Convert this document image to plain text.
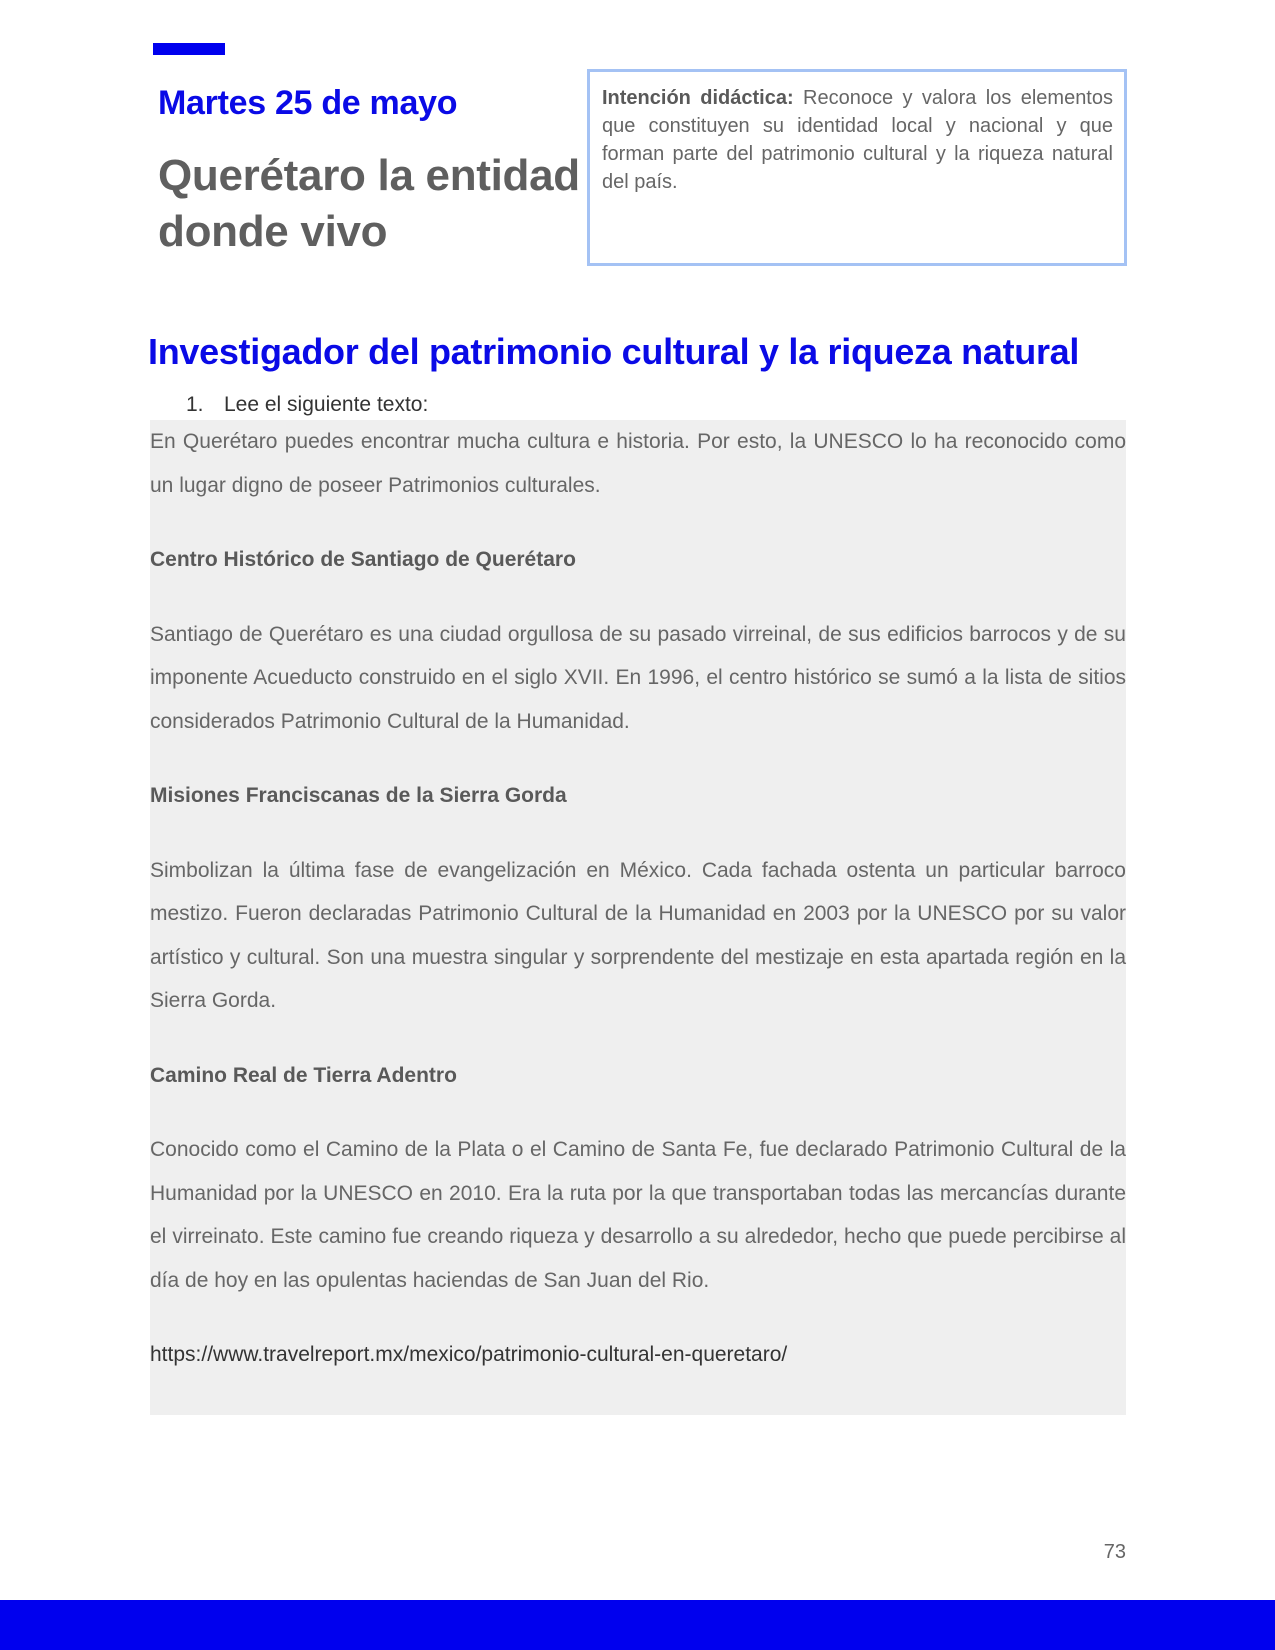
Martes 25 de mayo
Querétaro la entidad donde vivo
Intención didáctica: Reconoce y valora los elementos que constituyen su identidad local y nacional y que forman parte del patrimonio cultural y la riqueza natural del país.
Investigador del patrimonio cultural y la riqueza natural
1. Lee el siguiente texto:

En Querétaro puedes encontrar mucha cultura e historia. Por esto, la UNESCO lo ha reconocido como un lugar digno de poseer Patrimonios culturales.

Centro Histórico de Santiago de Querétaro

Santiago de Querétaro es una ciudad orgullosa de su pasado virreinal, de sus edificios barrocos y de su imponente Acueducto construido en el siglo XVII. En 1996, el centro histórico se sumó a la lista de sitios considerados Patrimonio Cultural de la Humanidad.

Misiones Franciscanas de la Sierra Gorda

Simbolizan la última fase de evangelización en México. Cada fachada ostenta un particular barroco mestizo. Fueron declaradas Patrimonio Cultural de la Humanidad en 2003 por la UNESCO por su valor artístico y cultural. Son una muestra singular y sorprendente del mestizaje en esta apartada región en la Sierra Gorda.

Camino Real de Tierra Adentro

Conocido como el Camino de la Plata o el Camino de Santa Fe, fue declarado Patrimonio Cultural de la Humanidad por la UNESCO en 2010. Era la ruta por la que transportaban todas las mercancías durante el virreinato. Este camino fue creando riqueza y desarrollo a su alrededor, hecho que puede percibirse al día de hoy en las opulentas haciendas de San Juan del Rio.

https://www.travelreport.mx/mexico/patrimonio-cultural-en-queretaro/

73
